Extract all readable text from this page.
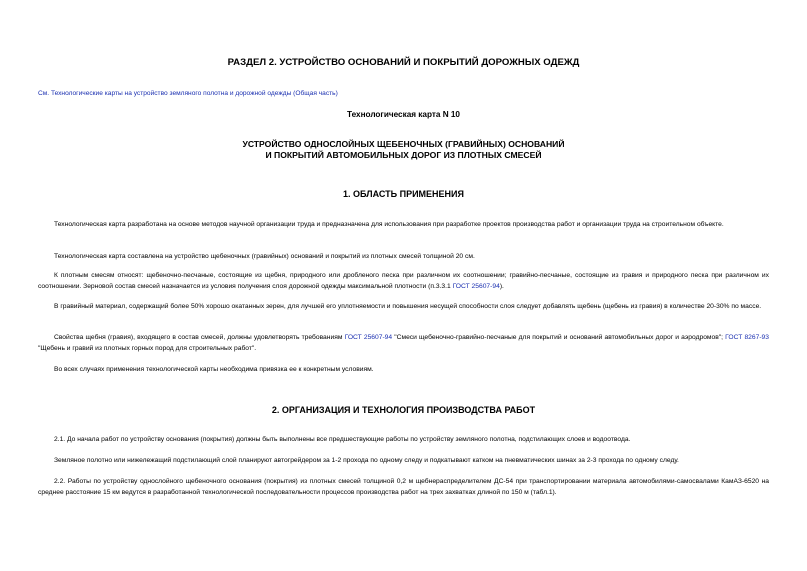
РАЗДЕЛ 2. УСТРОЙСТВО ОСНОВАНИЙ И ПОКРЫТИЙ ДОРОЖНЫХ ОДЕЖД
См. Технологические карты на устройство земляного полотна и дорожной одежды (Общая часть)
Технологическая карта N 10
УСТРОЙСТВО ОДНОСЛОЙНЫХ ЩЕБЕНОЧНЫХ (ГРАВИЙНЫХ) ОСНОВАНИЙ
И ПОКРЫТИЙ АВТОМОБИЛЬНЫХ ДОРОГ ИЗ ПЛОТНЫХ СМЕСЕЙ
1. ОБЛАСТЬ ПРИМЕНЕНИЯ

Технологическая карта разработана на основе методов научной организации труда и предназначена для использования при разработке проектов производства работ и организации труда на строительном объекте.

Технологическая карта составлена на устройство щебеночных (гравийных) оснований и покрытий из плотных смесей толщиной 20 см.

К плотным смесям относят: щебеночно-песчаные, состоящие из щебня, природного или дробленого песка при различном их соотношении; гравийно-песчаные, состоящие из гравия и природного песка при различном их соотношении. Зерновой состав смесей назначается из условия получения слоя дорожной одежды максимальной плотности (п.3.3.1 ГОСТ 25607-94).

В гравийный материал, содержащий более 50% хорошо окатанных зерен, для лучшей его уплотняемости и повышения несущей способности слоя следует добавлять щебень (щебень из гравия) в количестве 20-30% по массе.

Свойства щебня (гравия), входящего в состав смесей, должны удовлетворять требованиям ГОСТ 25607-94 "Смеси щебеночно-гравийно-песчаные для покрытий и оснований автомобильных дорог и аэродромов"; ГОСТ 8267-93 "Щебень и гравий из плотных горных пород для строительных работ".

Во всех случаях применения технологической карты необходима привязка ее к конкретным условиям.

2. ОРГАНИЗАЦИЯ И ТЕХНОЛОГИЯ ПРОИЗВОДСТВА РАБОТ

2.1. До начала работ по устройству основания (покрытия) должны быть выполнены все предшествующие работы по устройству земляного полотна, подстилающих слоев и водоотвода.

Земляное полотно или нижележащий подстилающий слой планируют автогрейдером за 1-2 прохода по одному следу и подкатывают катком на пневматических шинах за 2-3 прохода по одному следу.

2.2. Работы по устройству однослойного щебеночного основания (покрытия) из плотных смесей толщиной 0,2 м щебнераспределителем ДС-54 при транспортировании материала автомобилями-самосвалами КамАЗ-6520 на среднее расстояние 15 км ведутся в разработанной технологической последовательности процессов производства работ на трех захватках длиной по 150 м (табл.1).
